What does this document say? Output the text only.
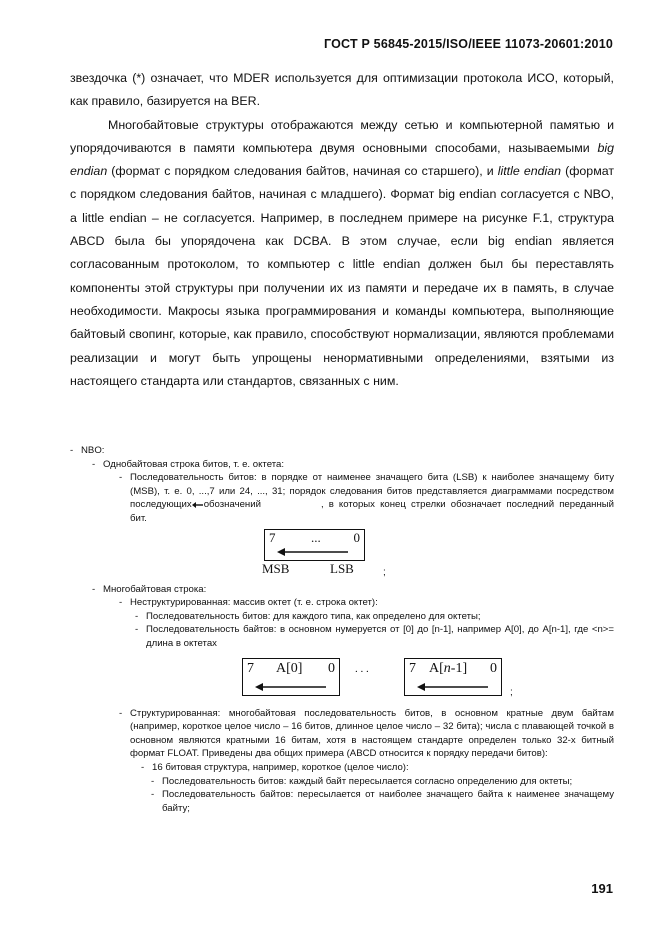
ГОСТ Р 56845-2015/ISO/IEEE 11073-20601:2010

звездочка (*) означает, что MDER используется для оптимизации протокола ИСО, который, как правило, базируется на BER.

Многобайтовые структуры отображаются между сетью и компьютерной памятью и упорядочиваются в памяти компьютера двумя основными способами, называемыми big endian (формат с порядком следования байтов, начиная со старшего), и little endian (формат с порядком следования байтов, начиная с младшего). Формат big endian согласуется с NBO, а little endian – не согласуется. Например, в последнем примере на рисунке F.1, структура ABCD была бы упорядочена как DCBA. В этом случае, если big endian является согласованным протоколом, то компьютер с little endian должен был бы переставлять компоненты этой структуры при получении их из памяти и передаче их в память, в случае необходимости. Макросы языка программирования и команды компьютера, выполняющие байтовый свопинг, которые, как правило, способствуют нормализации, являются проблемами реализации и могут быть упрощены ненормативными определениями, взятыми из настоящего стандарта или стандартов, связанных с ним.

- NBO:
- Однобайтовая строка битов, т. е. октета:
- Последовательность битов: в порядке от наименее значащего бита (LSB) к наиболее значащему биту (MSB), т. е. 0, ...,7 или 24, ..., 31; порядок следования битов представляется диаграммами посредством последующих обозначений	, в которых конец стрелки обозначает последний переданный бит.
7	...	0
MSB	LSB	;
- Многобайтовая строка:
- Неструктурированная: массив октет (т. е. строка октет):
- Последовательность битов: для каждого типа, как определено для октеты;
- Последовательность байтов: в основном нумеруется от [0] до [n-1], например A[0], до A[n-1], где <n>= длина в октетах
7 A[0] 0 . . .	7 A[n-1] 0
;
- Структурированная: многобайтовая последовательность битов, в основном кратные двум байтам (например, короткое целое число – 16 битов, длинное целое число – 32 бита); числа с плавающей точкой в основном являются кратными 16 битам, хотя в настоящем стандарте определен только 32-х битный формат FLOAT. Приведены два общих примера (ABCD относится к порядку передачи битов):
- 16 битовая структура, например, короткое (целое число):
- Последовательность битов: каждый байт пересылается согласно определению для октеты;
- Последовательность байтов: пересылается от наиболее значащего байта к наименее значащему байту;
191
